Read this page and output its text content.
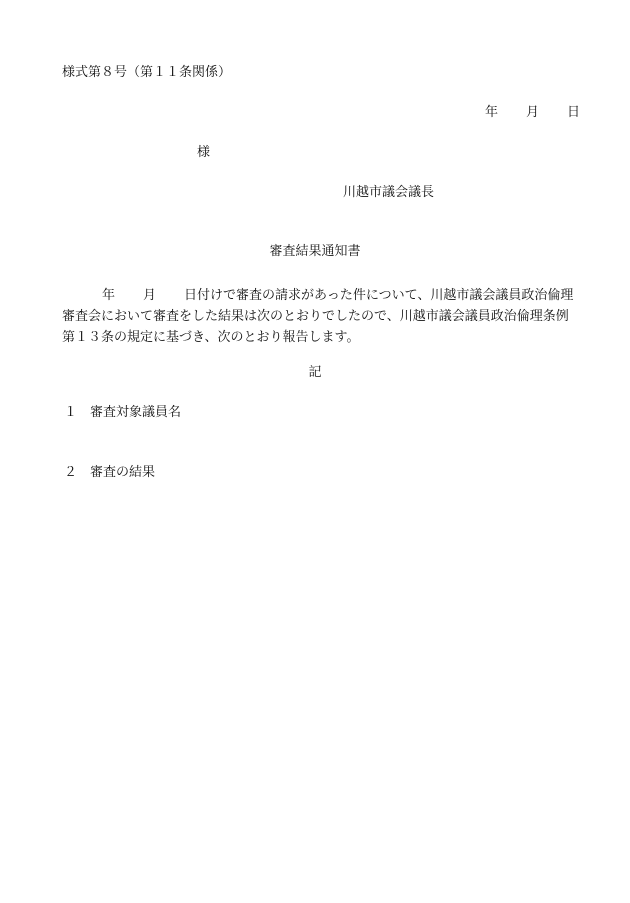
様式第８号（第１１条関係）
年 月 日
様
川越市議会議長
審査結果通知書
年 月 日付けで審査の請求があった件について、川越市議会議員政治倫理
審査会において審査をした結果は次のとおりでしたので、川越市議会議員政治倫理条例
第１３条の規定に基づき、次のとおり報告します。
記
１ 審査対象議員名
２ 審査の結果
